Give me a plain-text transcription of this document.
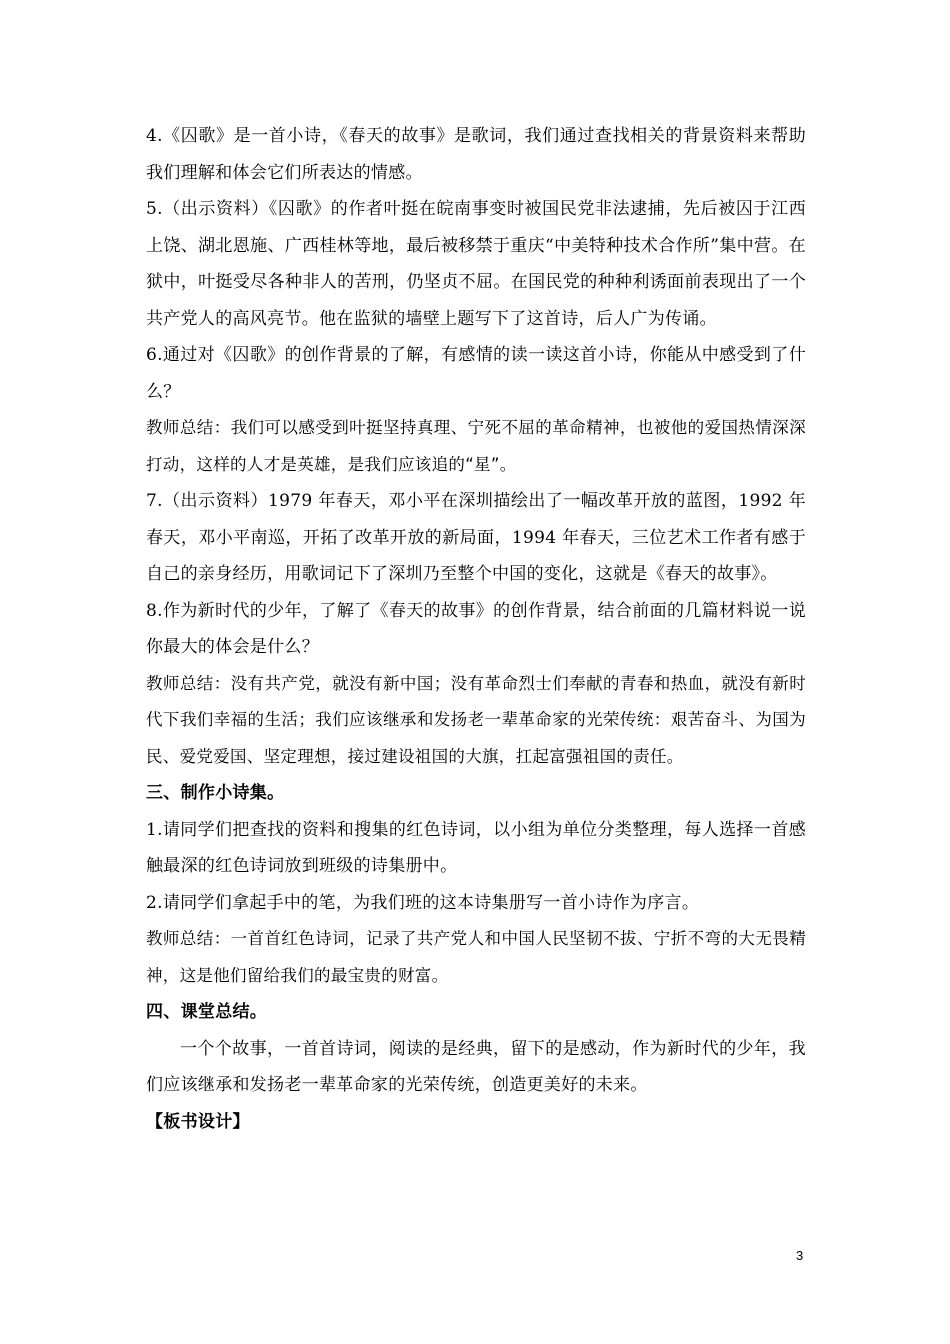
4.《囚歌》是一首小诗，《春天的故事》是歌词，我们通过查找相关的背景资料来帮助我们理解和体会它们所表达的情感。

5.（出示资料）《囚歌》的作者叶挺在皖南事变时被国民党非法逮捕，先后被囚于江西上饶、湖北恩施、广西桂林等地，最后被移禁于重庆“中美特种技术合作所”集中营。在狱中，叶挺受尽各种非人的苦刑，仍坚贞不屈。在国民党的种种利诱面前表现出了一个共产党人的高风亮节。他在监狱的墙壁上题写下了这首诗，后人广为传诵。

6.通过对《囚歌》的创作背景的了解，有感情的读一读这首小诗，你能从中感受到了什么？

教师总结：我们可以感受到叶挺坚持真理、宁死不屈的革命精神，也被他的爱国热情深深打动，这样的人才是英雄，是我们应该追的“星”。

7.（出示资料）1979 年春天，邓小平在深圳描绘出了一幅改革开放的蓝图，1992 年春天，邓小平南巡，开拓了改革开放的新局面，1994 年春天，三位艺术工作者有感于自己的亲身经历，用歌词记下了深圳乃至整个中国的变化，这就是《春天的故事》。

8.作为新时代的少年，了解了《春天的故事》的创作背景，结合前面的几篇材料说一说你最大的体会是什么？

教师总结：没有共产党，就没有新中国；没有革命烈士们奉献的青春和热血，就没有新时代下我们幸福的生活；我们应该继承和发扬老一辈革命家的光荣传统：艰苦奋斗、为国为民、爱党爱国、坚定理想，接过建设祖国的大旗，扛起富强祖国的责任。

三、制作小诗集。

1.请同学们把查找的资料和搜集的红色诗词，以小组为单位分类整理，每人选择一首感触最深的红色诗词放到班级的诗集册中。

2.请同学们拿起手中的笔，为我们班的这本诗集册写一首小诗作为序言。

教师总结：一首首红色诗词，记录了共产党人和中国人民坚韧不拔、宁折不弯的大无畏精神，这是他们留给我们的最宝贵的财富。

四、课堂总结。

一个个故事，一首首诗词，阅读的是经典，留下的是感动，作为新时代的少年，我们应该继承和发扬老一辈革命家的光荣传统，创造更美好的未来。

【板书设计】

3
